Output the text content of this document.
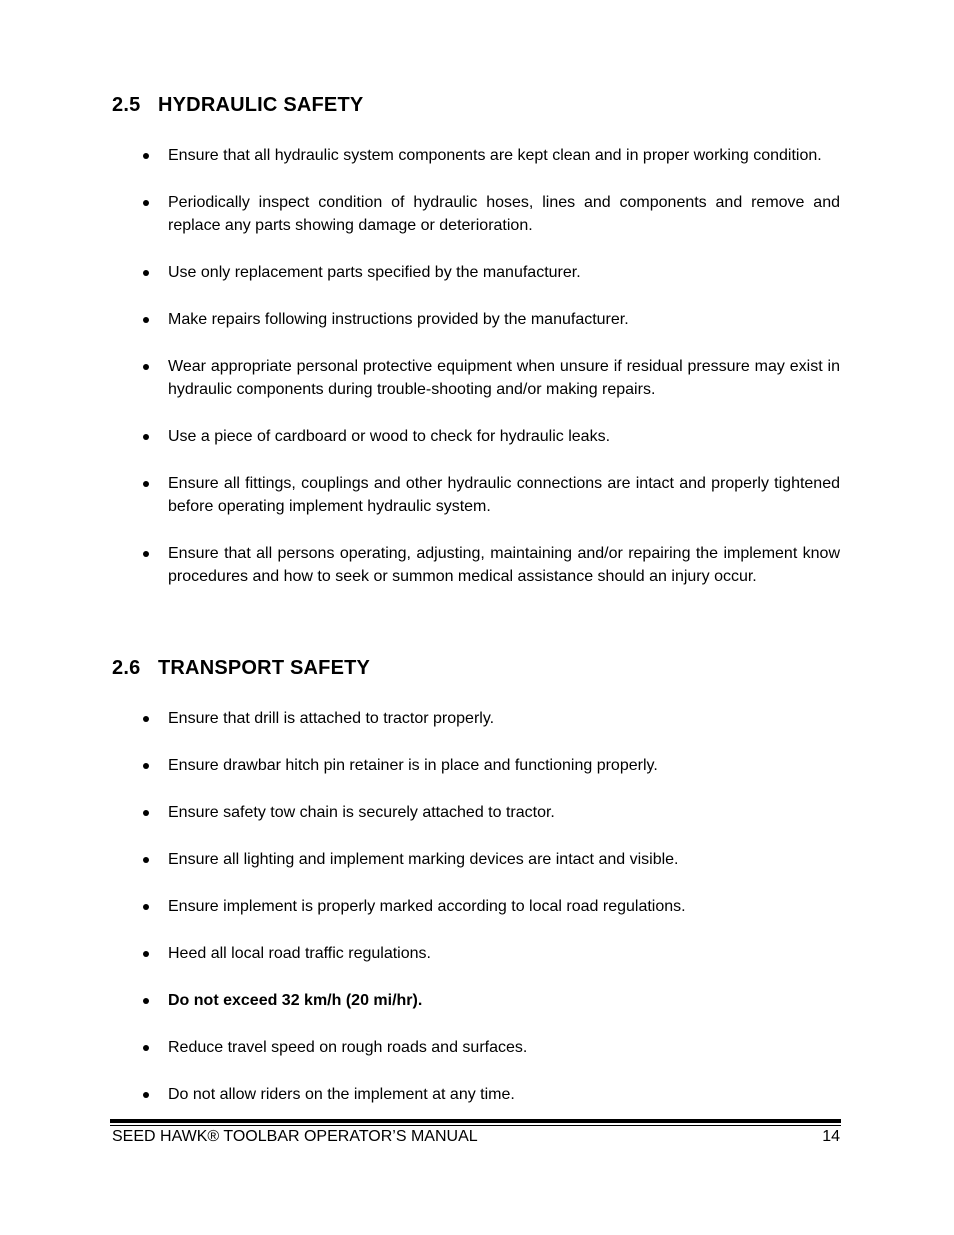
2.5 HYDRAULIC SAFETY
Ensure that all hydraulic system components are kept clean and in proper working condition.
Periodically inspect condition of hydraulic hoses, lines and components and remove and replace any parts showing damage or deterioration.
Use only replacement parts specified by the manufacturer.
Make repairs following instructions provided by the manufacturer.
Wear appropriate personal protective equipment when unsure if residual pressure may exist in hydraulic components during trouble-shooting and/or making repairs.
Use a piece of cardboard or wood to check for hydraulic leaks.
Ensure all fittings, couplings and other hydraulic connections are intact and properly tightened before operating implement hydraulic system.
Ensure that all persons operating, adjusting, maintaining and/or repairing the implement know procedures and how to seek or summon medical assistance should an injury occur.
2.6 TRANSPORT SAFETY
Ensure that drill is attached to tractor properly.
Ensure drawbar hitch pin retainer is in place and functioning properly.
Ensure safety tow chain is securely attached to tractor.
Ensure all lighting and implement marking devices are intact and visible.
Ensure implement is properly marked according to local road regulations.
Heed all local road traffic regulations.
Do not exceed 32 km/h (20 mi/hr).
Reduce travel speed on rough roads and surfaces.
Do not allow riders on the implement at any time.
SEED HAWK® TOOLBAR OPERATOR’S MANUAL	14
